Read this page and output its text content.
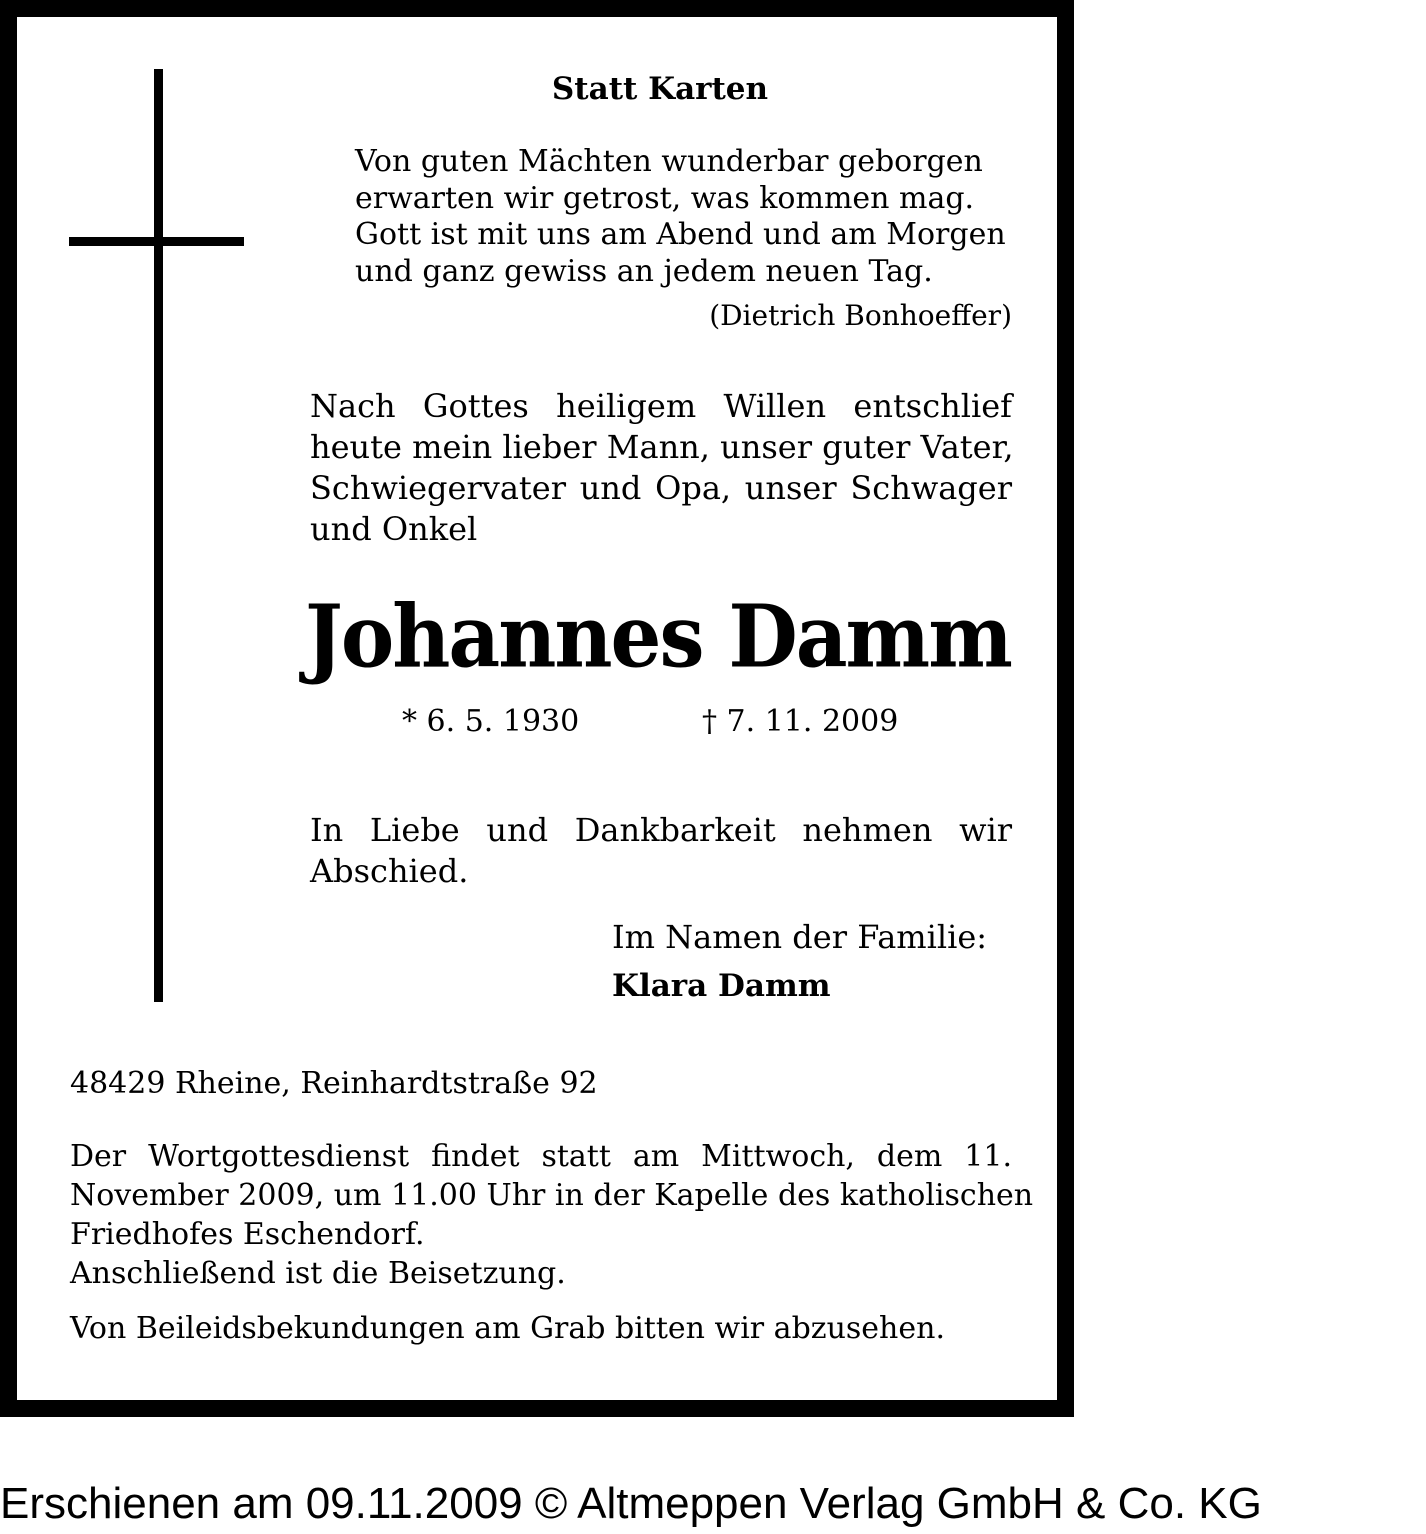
Statt Karten
Von guten Mächten wunderbar geborgen
erwarten wir getrost, was kommen mag.
Gott ist mit uns am Abend und am Morgen
und ganz gewiss an jedem neuen Tag.
(Dietrich Bonhoeffer)
Nach Gottes heiligem Willen entschlief
heute mein lieber Mann, unser guter Vater,
Schwiegervater und Opa, unser Schwager
und Onkel
Johannes Damm
* 6. 5. 1930	† 7. 11. 2009
In Liebe und Dankbarkeit nehmen wir
Abschied.
Im Namen der Familie:
Klara Damm
48429 Rheine, Reinhardtstraße 92
Der Wortgottesdienst findet statt am Mittwoch, dem 11.
November 2009, um 11.00 Uhr in der Kapelle des katholischen
Friedhofes Eschendorf.
Anschließend ist die Beisetzung.
Von Beileidsbekundungen am Grab bitten wir abzusehen.
Erschienen am 09.11.2009 © Altmeppen Verlag GmbH & Co. KG
